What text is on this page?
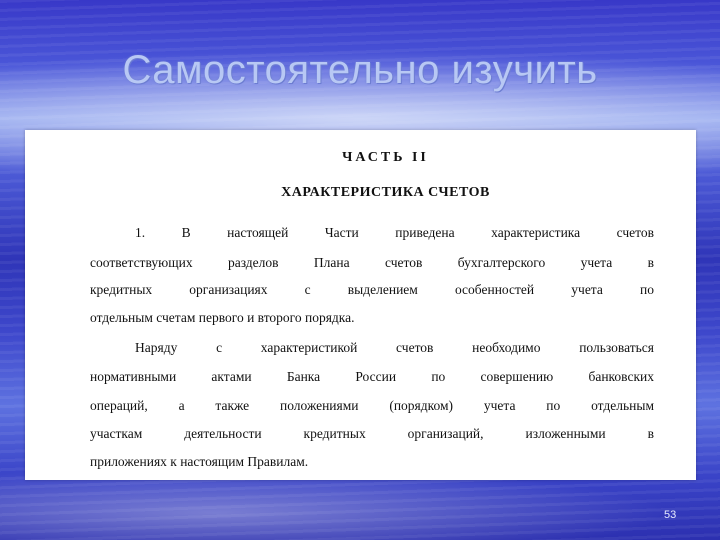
Самостоятельно изучить
ЧАСТЬ II
ХАРАКТЕРИСТИКА СЧЕТОВ
1. В настоящей Части приведена характеристика счетов
соответствующих разделов Плана счетов бухгалтерского учета в
кредитных организациях с выделением особенностей учета по
отдельным счетам первого и второго порядка.
Наряду с характеристикой счетов необходимо пользоваться
нормативными актами Банка России по совершению банковских
операций, а также положениями (порядком) учета по отдельным
участкам деятельности кредитных организаций, изложенными в
приложениях к настоящим Правилам.
53
